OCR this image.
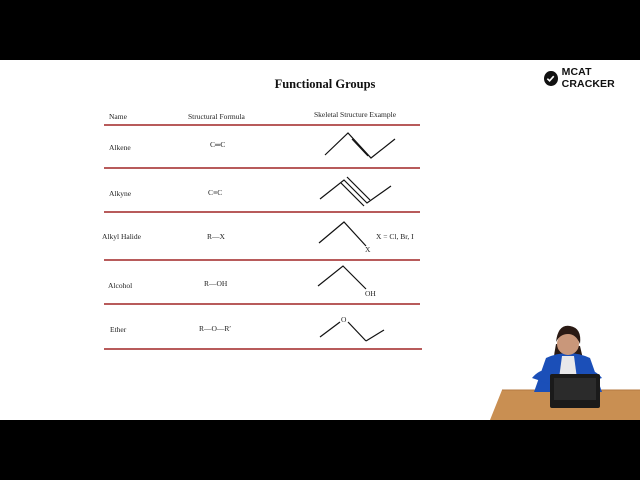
Functional Groups
MCAT CRACKER
Name	Structural Formula	Skeletal Structure Example
Alkene	C═C
Alkyne	C≡C
Alkyl Halide	R—X
X
X = Cl, Br, I
Alcohol	R—OH
OH
Ether	R—O—R′
O
